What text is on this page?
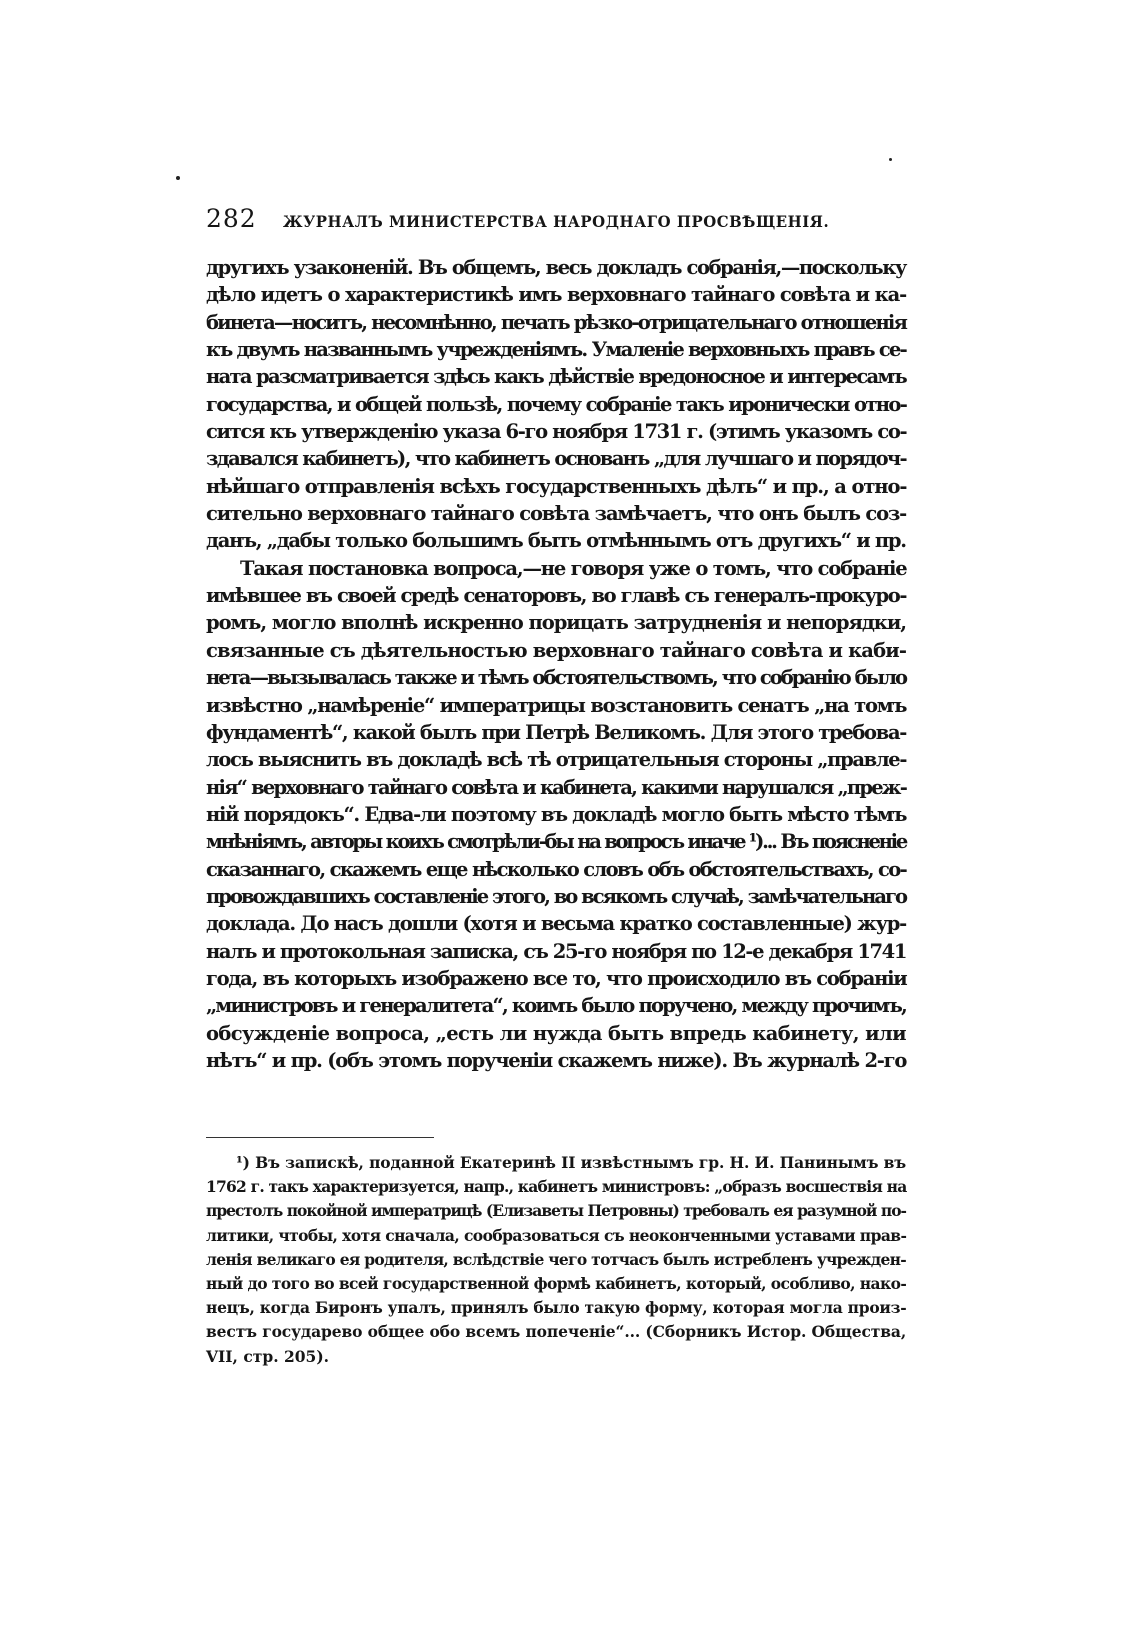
282 ЖУРНАЛЪ МИНИСТЕРСТВА НАРОДНАГО ПРОСВѢЩЕНІЯ.
другихъ узаконеній. Въ общемъ, весь докладъ собранія,—поскольку
дѣло идетъ о характеристикѣ имъ верховнаго тайнаго совѣта и ка-
бинета—носитъ, несомнѣнно, печать рѣзко-отрицательнаго отношенія
къ двумъ названнымъ учрежденіямъ. Умаленіе верховныхъ правъ се-
ната разсматривается здѣсь какъ дѣйствіе вредоносное и интересамъ
государства, и общей пользѣ, почему собраніе такъ иронически отно-
сится къ утвержденію указа 6-го ноября 1731 г. (этимъ указомъ со-
здавался кабинетъ), что кабинетъ основанъ „для лучшаго и порядоч-
нѣйшаго отправленія всѣхъ государственныхъ дѣлъ“ и пр., а отно-
сительно верховнаго тайнаго совѣта замѣчаетъ, что онъ былъ соз-
данъ, „дабы только большимъ быть отмѣннымъ отъ другихъ“ и пр.
Такая постановка вопроса,—не говоря уже о томъ, что собраніе
имѣвшее въ своей средѣ сенаторовъ, во главѣ съ генералъ-прокуро-
ромъ, могло вполнѣ искренно порицать затрудненія и непорядки,
связанные съ дѣятельностью верховнаго тайнаго совѣта и каби-
нета—вызывалась также и тѣмъ обстоятельствомъ, что собранію было
извѣстно „намѣреніе“ императрицы возстановить сенатъ „на томъ
фундаментѣ“, какой былъ при Петрѣ Великомъ. Для этого требова-
лось выяснить въ докладѣ всѣ тѣ отрицательныя стороны „правле-
нія“ верховнаго тайнаго совѣта и кабинета, какими нарушался „преж-
ній порядокъ“. Едва-ли поэтому въ докладѣ могло быть мѣсто тѣмъ
мнѣніямъ, авторы коихъ смотрѣли-бы на вопросъ иначе ¹)... Въ поясненіе
сказаннаго, скажемъ еще нѣсколько словъ объ обстоятельствахъ, со-
провождавшихъ составленіе этого, во всякомъ случаѣ, замѣчательнаго
доклада. До насъ дошли (хотя и весьма кратко составленные) жур-
налъ и протокольная записка, съ 25-го ноября по 12-е декабря 1741
года, въ которыхъ изображено все то, что происходило въ собраніи
„министровъ и генералитета“, коимъ было поручено, между прочимъ,
обсужденіе вопроса, „есть ли нужда быть впредь кабинету, или
нѣтъ“ и пр. (объ этомъ порученіи скажемъ ниже). Въ журналѣ 2-го
¹) Въ запискѣ, поданной Екатеринѣ II извѣстнымъ гр. Н. И. Панинымъ въ
1762 г. такъ характеризуется, напр., кабинетъ министровъ: „образъ восшествія на
престолъ покойной императрицѣ (Елизаветы Петровны) требовалъ ея разумной по-
литики, чтобы, хотя сначала, сообразоваться съ неоконченными уставами прав-
ленія великаго ея родителя, вслѣдствіе чего тотчасъ былъ истребленъ учрежден-
ный до того во всей государственной формѣ кабинетъ, который, особливо, нако-
нецъ, когда Биронъ упалъ, принялъ было такую форму, которая могла произ-
вестъ государево общее обо всемъ попеченіе“... (Сборникъ Истор. Общества,
VII, стр. 205).
